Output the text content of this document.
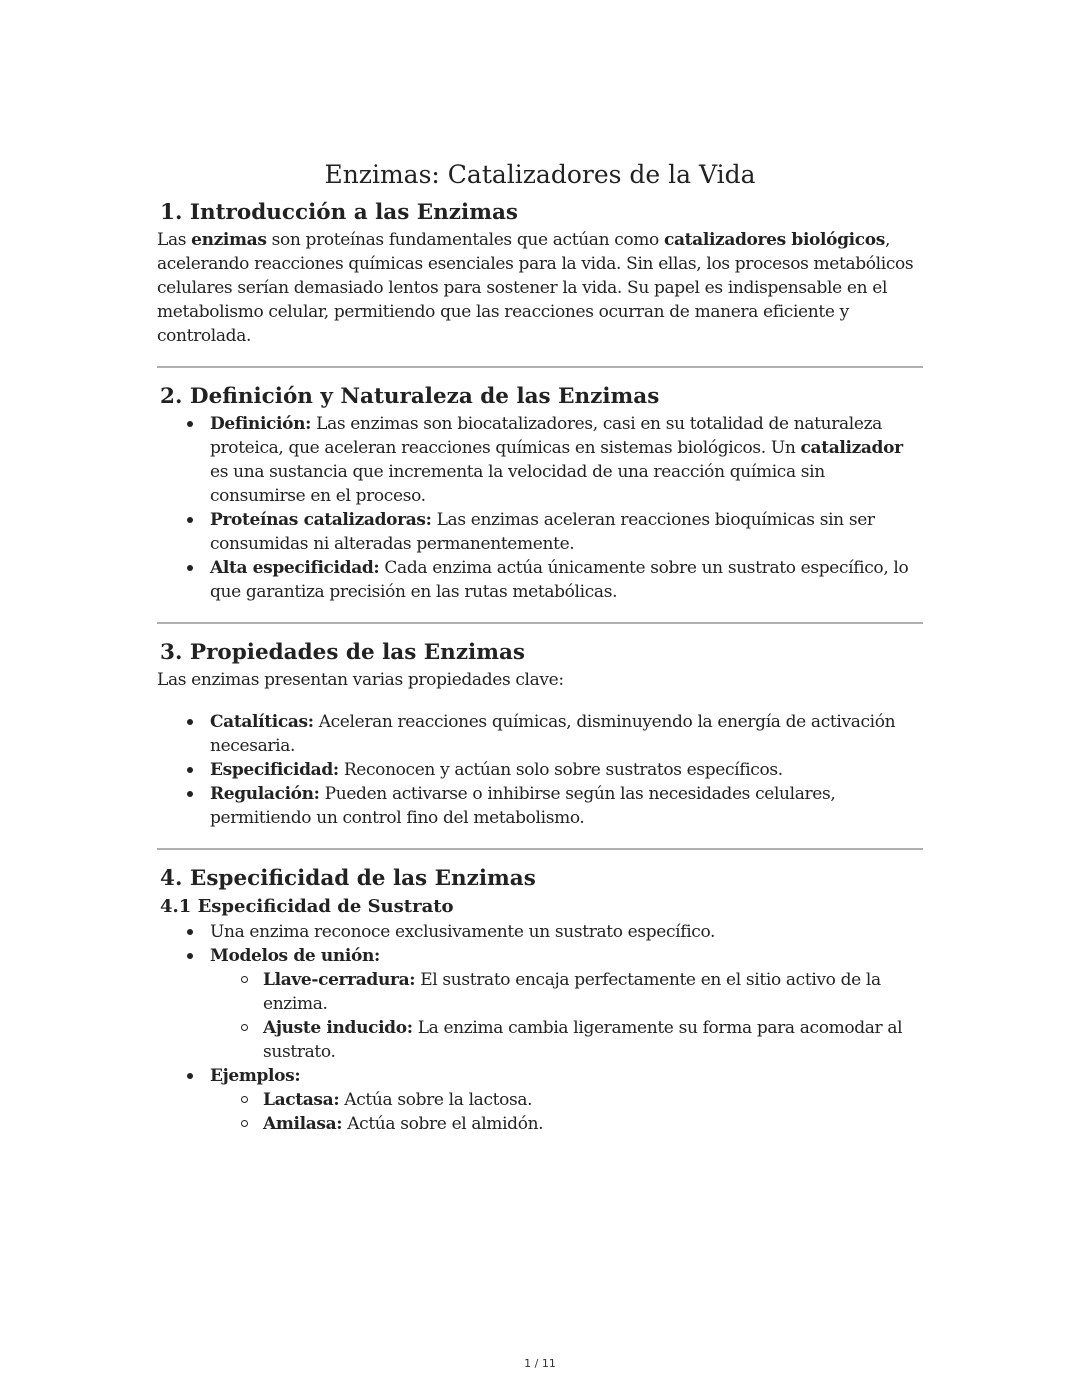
Enzimas: Catalizadores de la Vida
1. Introducción a las Enzimas

Las enzimas son proteínas fundamentales que actúan como catalizadores biológicos, acelerando reacciones químicas esenciales para la vida. Sin ellas, los procesos metabólicos celulares serían demasiado lentos para sostener la vida. Su papel es indispensable en el metabolismo celular, permitiendo que las reacciones ocurran de manera eficiente y controlada.

2. Definición y Naturaleza de las Enzimas
Definición: Las enzimas son biocatalizadores, casi en su totalidad de naturaleza proteica, que aceleran reacciones químicas en sistemas biológicos. Un catalizador es una sustancia que incrementa la velocidad de una reacción química sin consumirse en el proceso.
Proteínas catalizadoras: Las enzimas aceleran reacciones bioquímicas sin ser consumidas ni alteradas permanentemente.
Alta especificidad: Cada enzima actúa únicamente sobre un sustrato específico, lo que garantiza precisión en las rutas metabólicas.
3. Propiedades de las Enzimas

Las enzimas presentan varias propiedades clave:

Catalíticas: Aceleran reacciones químicas, disminuyendo la energía de activación necesaria.
Especificidad: Reconocen y actúan solo sobre sustratos específicos.
Regulación: Pueden activarse o inhibirse según las necesidades celulares, permitiendo un control fino del metabolismo.
4. Especificidad de las Enzimas
4.1 Especificidad de Sustrato
Una enzima reconoce exclusivamente un sustrato específico.
Modelos de unión:
Llave-cerradura: El sustrato encaja perfectamente en el sitio activo de la enzima.
Ajuste inducido: La enzima cambia ligeramente su forma para acomodar al sustrato.
Ejemplos:
Lactasa: Actúa sobre la lactosa.
Amilasa: Actúa sobre el almidón.
1 / 11
